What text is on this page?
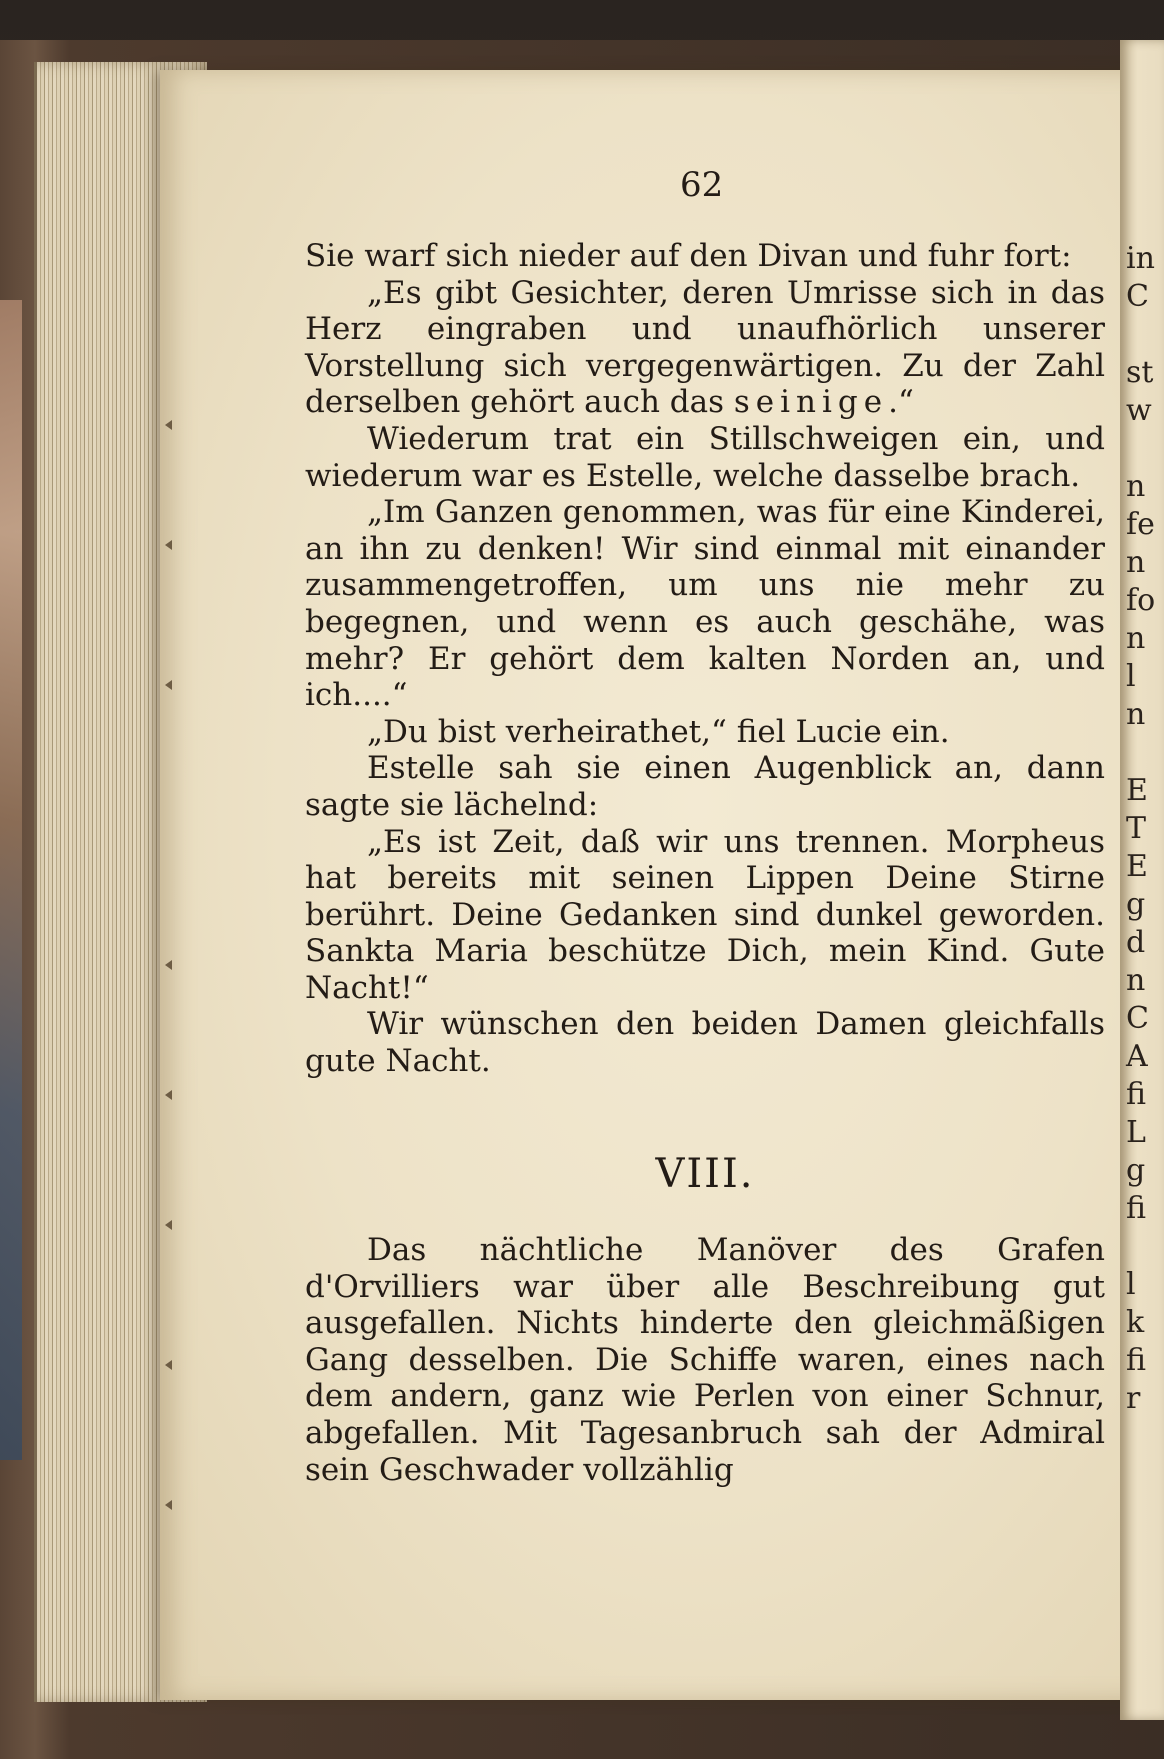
in
C
st
w
n
fe
n
fo
n
l
n
E
T
E
g
d
n
C
A
fi
L
g
fi
l
k
fi
r
62

Sie warf sich nieder auf den Divan und fuhr fort:

„Es gibt Gesichter, deren Umrisse sich in das Herz eingraben und unaufhörlich unserer Vorstellung sich vergegenwärtigen. Zu der Zahl derselben gehört auch das seinige.“

Wiederum trat ein Stillschweigen ein, und wiederum war es Estelle, welche dasselbe brach.

„Im Ganzen genommen, was für eine Kinderei, an ihn zu denken! Wir sind einmal mit einander zusammengetroffen, um uns nie mehr zu begegnen, und wenn es auch geschähe, was mehr? Er gehört dem kalten Norden an, und ich....“

„Du bist verheirathet,“ fiel Lucie ein.

Estelle sah sie einen Augenblick an, dann sagte sie lächelnd:

„Es ist Zeit, daß wir uns trennen. Morpheus hat bereits mit seinen Lippen Deine Stirne berührt. Deine Gedanken sind dunkel geworden. Sankta Maria beschütze Dich, mein Kind. Gute Nacht!“

Wir wünschen den beiden Damen gleichfalls gute Nacht.

VIII.

Das nächtliche Manöver des Grafen d'Orvilliers war über alle Beschreibung gut ausgefallen. Nichts hinderte den gleichmäßigen Gang desselben. Die Schiffe waren, eines nach dem andern, ganz wie Perlen von einer Schnur, abgefallen. Mit Tagesanbruch sah der Admiral sein Geschwader vollzählig
